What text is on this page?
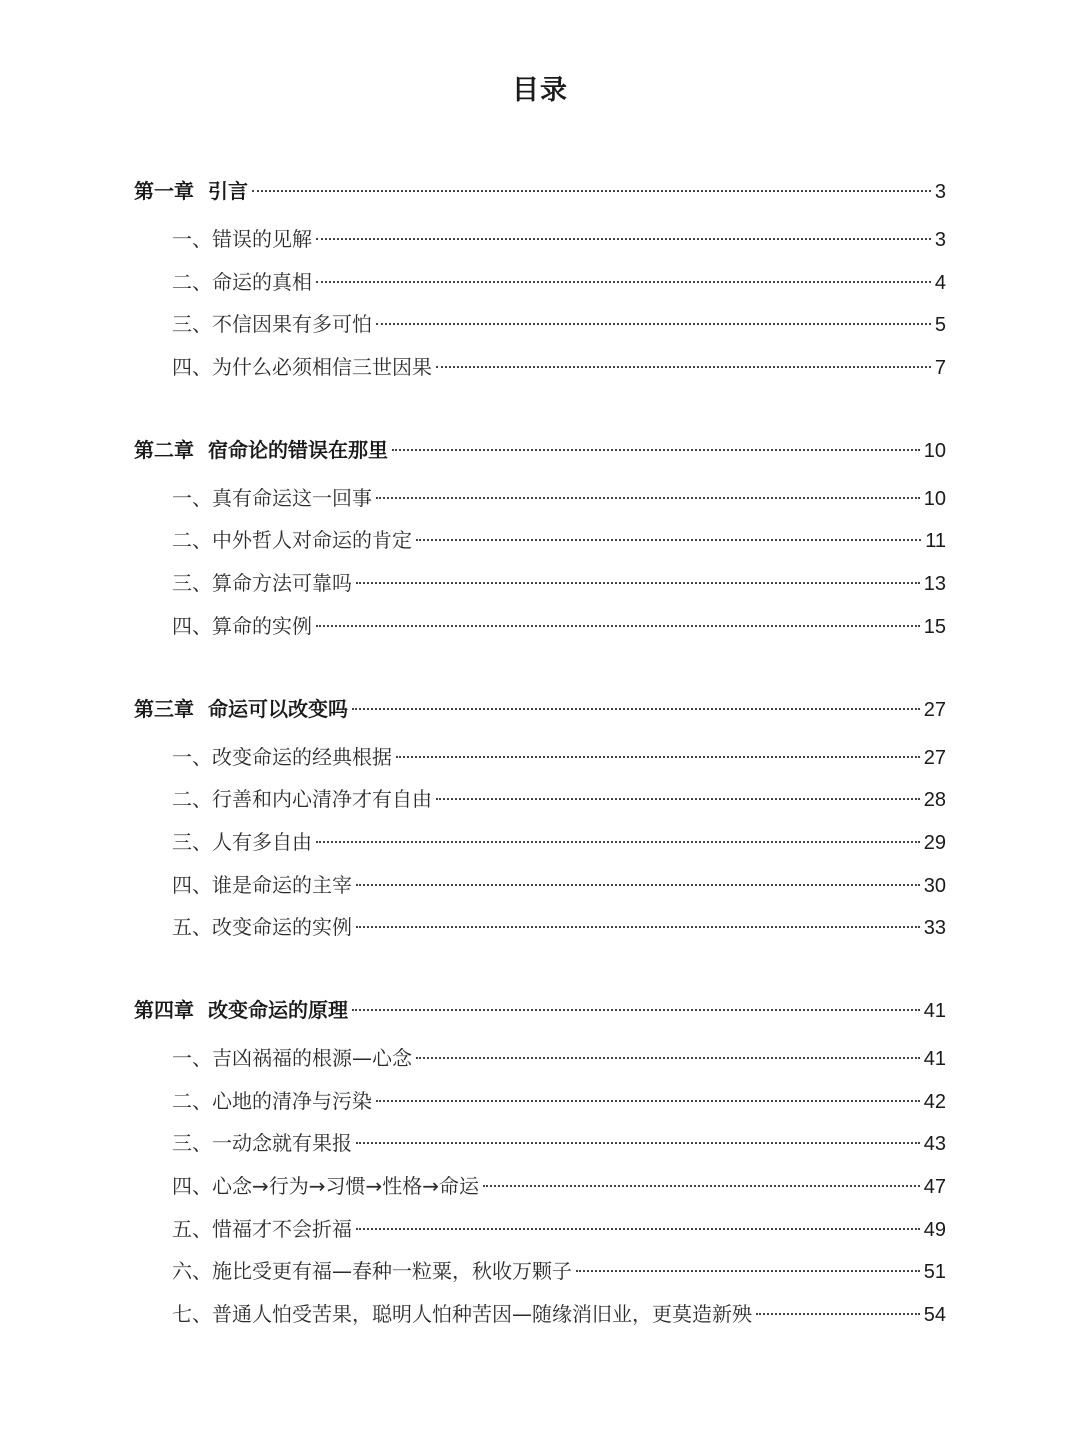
目录
第一章 引言	3
一、错误的见解	3
二、命运的真相	4
三、不信因果有多可怕	5
四、为什么必须相信三世因果	7
第二章 宿命论的错误在那里	10
一、真有命运这一回事	10
二、中外哲人对命运的肯定	11
三、算命方法可靠吗	13
四、算命的实例	15
第三章 命运可以改变吗	27
一、改变命运的经典根据	27
二、行善和内心清净才有自由	28
三、人有多自由	29
四、谁是命运的主宰	30
五、改变命运的实例	33
第四章 改变命运的原理	41
一、吉凶祸福的根源—心念	41
二、心地的清净与污染	42
三、一动念就有果报	43
四、心念→行为→习惯→性格→命运	47
五、惜福才不会折福	49
六、施比受更有福—春种一粒粟，秋收万颗子	51
七、普通人怕受苦果，聪明人怕种苦因—随缘消旧业，更莫造新殃	54
